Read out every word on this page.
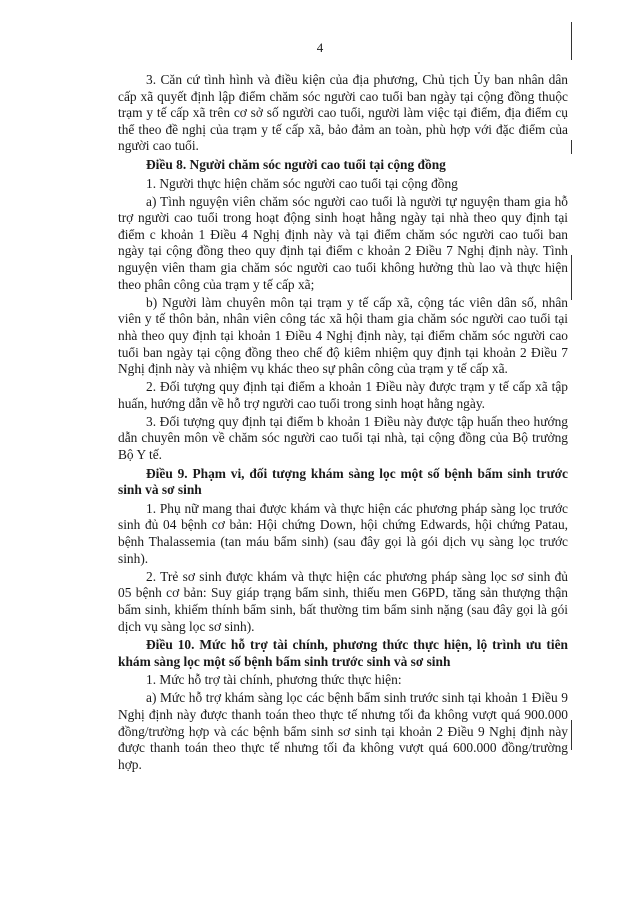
4

3. Căn cứ tình hình và điều kiện của địa phương, Chủ tịch Ủy ban nhân dân cấp xã quyết định lập điểm chăm sóc người cao tuổi ban ngày tại cộng đồng thuộc trạm y tế cấp xã trên cơ sở số người cao tuổi, người làm việc tại điểm, địa điểm cụ thể theo đề nghị của trạm y tế cấp xã, bảo đảm an toàn, phù hợp với đặc điểm của người cao tuổi.

Điều 8. Người chăm sóc người cao tuổi tại cộng đồng

1. Người thực hiện chăm sóc người cao tuổi tại cộng đồng

a) Tình nguyện viên chăm sóc người cao tuổi là người tự nguyện tham gia hỗ trợ người cao tuổi trong hoạt động sinh hoạt hằng ngày tại nhà theo quy định tại điểm c khoản 1 Điều 4 Nghị định này và tại điểm chăm sóc người cao tuổi ban ngày tại cộng đồng theo quy định tại điểm c khoản 2 Điều 7 Nghị định này. Tình nguyện viên tham gia chăm sóc người cao tuổi không hưởng thù lao và thực hiện theo phân công của trạm y tế cấp xã;

b) Người làm chuyên môn tại trạm y tế cấp xã, cộng tác viên dân số, nhân viên y tế thôn bản, nhân viên công tác xã hội tham gia chăm sóc người cao tuổi tại nhà theo quy định tại khoản 1 Điều 4 Nghị định này, tại điểm chăm sóc người cao tuổi ban ngày tại cộng đồng theo chế độ kiêm nhiệm quy định tại khoản 2 Điều 7 Nghị định này và nhiệm vụ khác theo sự phân công của trạm y tế cấp xã.

2. Đối tượng quy định tại điểm a khoản 1 Điều này được trạm y tế cấp xã tập huấn, hướng dẫn về hỗ trợ người cao tuổi trong sinh hoạt hằng ngày.

3. Đối tượng quy định tại điểm b khoản 1 Điều này được tập huấn theo hướng dẫn chuyên môn về chăm sóc người cao tuổi tại nhà, tại cộng đồng của Bộ trưởng Bộ Y tế.

Điều 9. Phạm vi, đối tượng khám sàng lọc một số bệnh bẩm sinh trước sinh và sơ sinh

1. Phụ nữ mang thai được khám và thực hiện các phương pháp sàng lọc trước sinh đủ 04 bệnh cơ bản: Hội chứng Down, hội chứng Edwards, hội chứng Patau, bệnh Thalassemia (tan máu bẩm sinh) (sau đây gọi là gói dịch vụ sàng lọc trước sinh).

2. Trẻ sơ sinh được khám và thực hiện các phương pháp sàng lọc sơ sinh đủ 05 bệnh cơ bản: Suy giáp trạng bẩm sinh, thiếu men G6PD, tăng sản thượng thận bẩm sinh, khiếm thính bẩm sinh, bất thường tim bẩm sinh nặng (sau đây gọi là gói dịch vụ sàng lọc sơ sinh).

Điều 10. Mức hỗ trợ tài chính, phương thức thực hiện, lộ trình ưu tiên khám sàng lọc một số bệnh bẩm sinh trước sinh và sơ sinh

1. Mức hỗ trợ tài chính, phương thức thực hiện:

a) Mức hỗ trợ khám sàng lọc các bệnh bẩm sinh trước sinh tại khoản 1 Điều 9 Nghị định này được thanh toán theo thực tế nhưng tối đa không vượt quá 900.000 đồng/trường hợp và các bệnh bẩm sinh sơ sinh tại khoản 2 Điều 9 Nghị định này được thanh toán theo thực tế nhưng tối đa không vượt quá 600.000 đồng/trường hợp.
